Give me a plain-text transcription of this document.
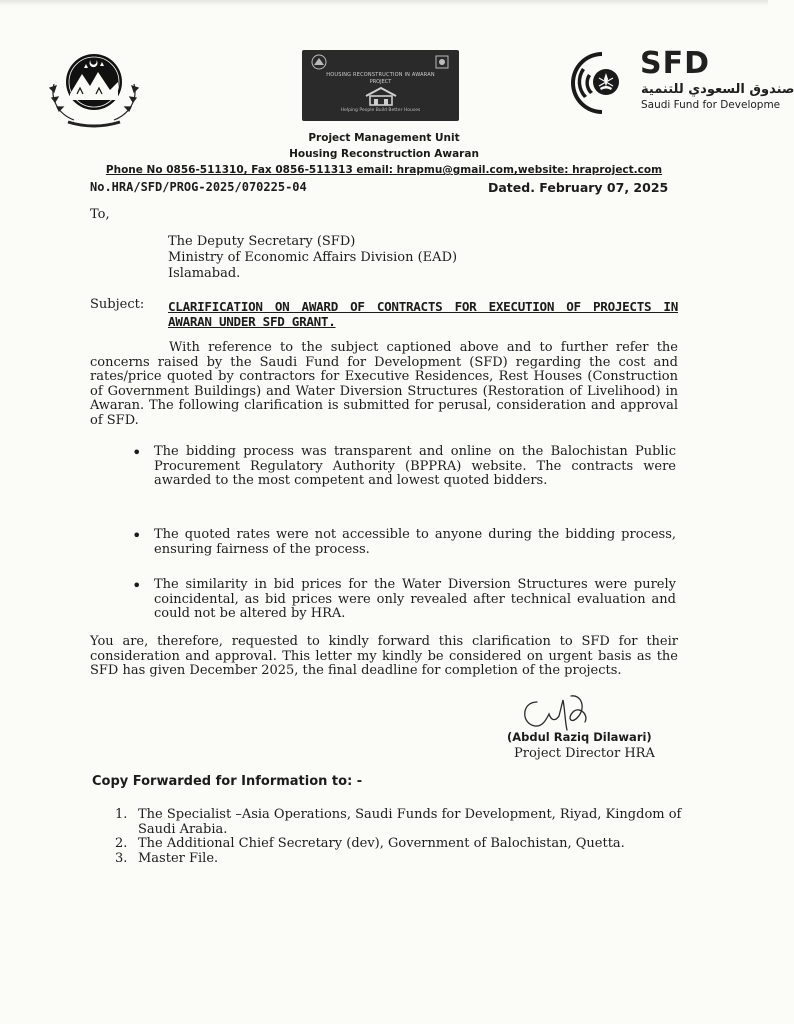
HOUSING RECONSTRUCTION IN AWARAN
PROJECT
Helping People Build Better Houses
SFD
صندوق السعودي للتنمية
Saudi Fund for Developme
Project Management Unit
Housing Reconstruction Awaran
Phone No 0856-511310, Fax 0856-511313 email: hrapmu@gmail.com,website: hraproject.com
No.HRA/SFD/PROG-2025/070225-04	Dated. February 07, 2025
To,
The Deputy Secretary (SFD)
Ministry of Economic Affairs Division (EAD)
Islamabad.
Subject: CLARIFICATION ON AWARD OF CONTRACTS FOR EXECUTION OF PROJECTS IN AWARAN UNDER SFD GRANT.
With reference to the subject captioned above and to further refer the concerns raised by the Saudi Fund for Development (SFD) regarding the cost and rates/price quoted by contractors for Executive Residences, Rest Houses (Construction of Government Buildings) and Water Diversion Structures (Restoration of Livelihood) in Awaran. The following clarification is submitted for perusal, consideration and approval of SFD.
• The bidding process was transparent and online on the Balochistan Public Procurement Regulatory Authority (BPPRA) website. The contracts were awarded to the most competent and lowest quoted bidders.
• The quoted rates were not accessible to anyone during the bidding process, ensuring fairness of the process.
• The similarity in bid prices for the Water Diversion Structures were purely coincidental, as bid prices were only revealed after technical evaluation and could not be altered by HRA.
You are, therefore, requested to kindly forward this clarification to SFD for their consideration and approval. This letter my kindly be considered on urgent basis as the SFD has given December 2025, the final deadline for completion of the projects.
(Abdul Raziq Dilawari)
Project Director HRA
Copy Forwarded for Information to: -
1. The Specialist –Asia Operations, Saudi Funds for Development, Riyad, Kingdom of Saudi Arabia.
2. The Additional Chief Secretary (dev), Government of Balochistan, Quetta.
3. Master File.
